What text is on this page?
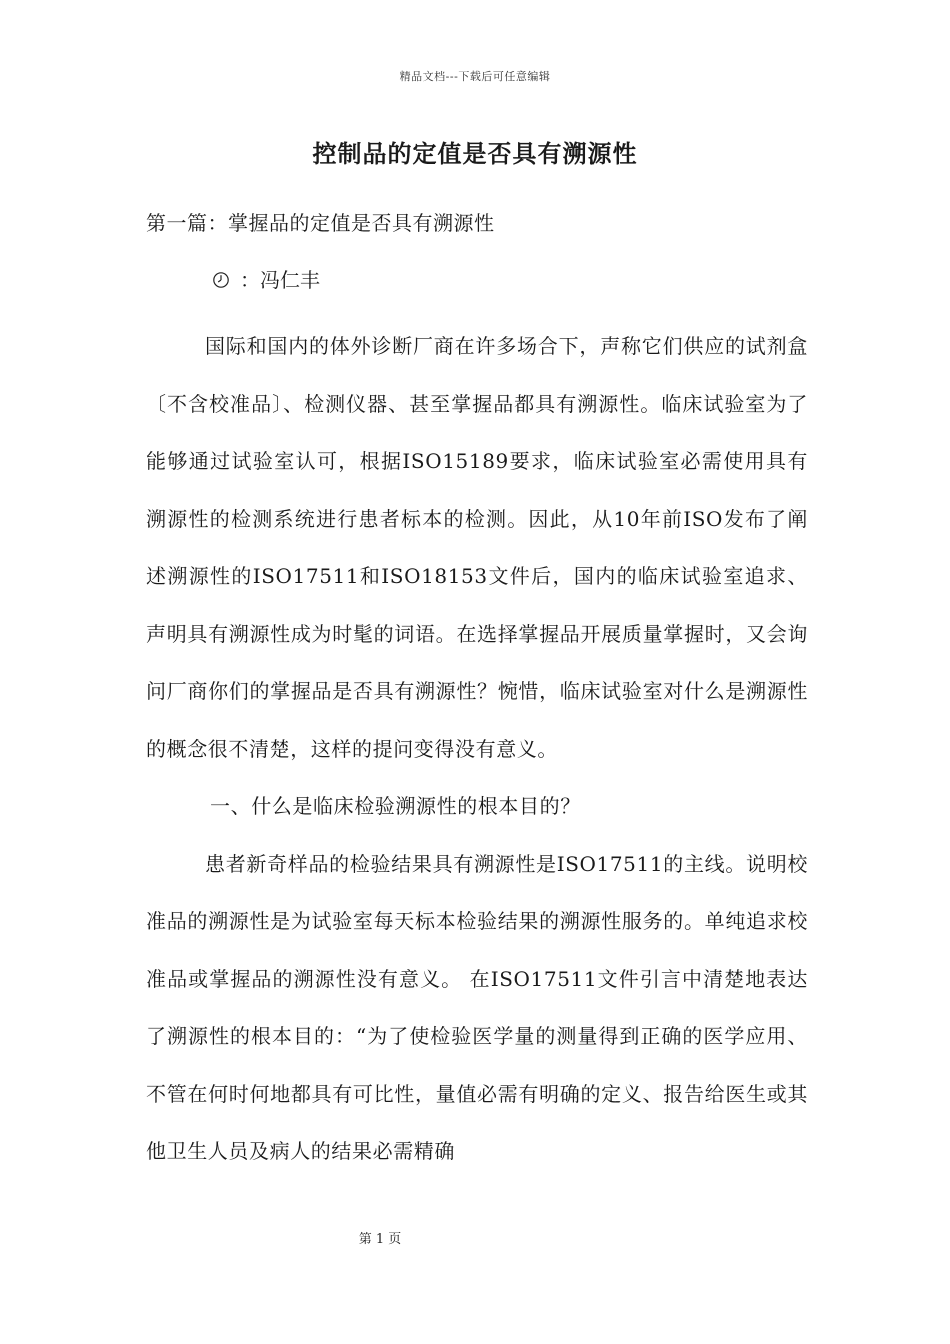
精品文档---下载后可任意编辑
控制品的定值是否具有溯源性
第一篇：掌握品的定值是否具有溯源性
：冯仁丰

国际和国内的体外诊断厂商在许多场合下，声称它们供应的试剂盒〔不含校准品〕、检测仪器、甚至掌握品都具有溯源性。临床试验室为了能够通过试验室认可，根据ISO15189要求，临床试验室必需使用具有溯源性的检测系统进行患者标本的检测。因此，从10年前ISO发布了阐述溯源性的ISO17511和ISO18153文件后，国内的临床试验室追求、声明具有溯源性成为时髦的词语。在选择掌握品开展质量掌握时，又会询问厂商你们的掌握品是否具有溯源性？惋惜，临床试验室对什么是溯源性的概念很不清楚，这样的提问变得没有意义。

一、什么是临床检验溯源性的根本目的？

患者新奇样品的检验结果具有溯源性是ISO17511的主线。说明校准品的溯源性是为试验室每天标本检验结果的溯源性服务的。单纯追求校准品或掌握品的溯源性没有意义。 在ISO17511文件引言中清楚地表达了溯源性的根本目的：“为了使检验医学量的测量得到正确的医学应用、不管在何时何地都具有可比性，量值必需有明确的定义、报告给医生或其他卫生人员及病人的结果必需精确

第 1 页
